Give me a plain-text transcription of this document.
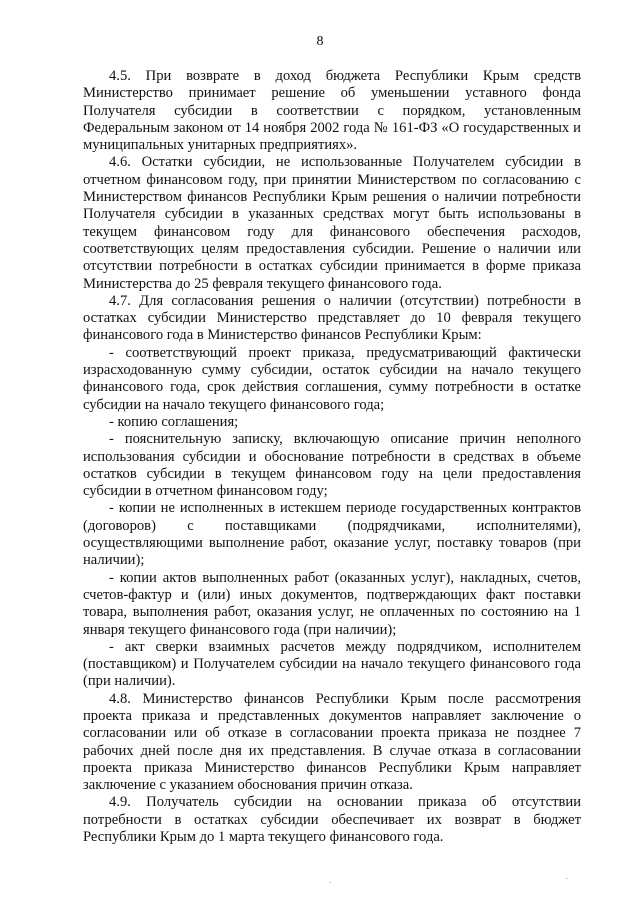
8

4.5. При возврате в доход бюджета Республики Крым средств Министерство принимает решение об уменьшении уставного фонда Получателя субсидии в соответствии с порядком, установленным Федеральным законом от 14 ноября 2002 года № 161-ФЗ «О государственных и муниципальных унитарных предприятиях».

4.6. Остатки субсидии, не использованные Получателем субсидии в отчетном финансовом году, при принятии Министерством по согласованию с Министерством финансов Республики Крым решения о наличии потребности Получателя субсидии в указанных средствах могут быть использованы в текущем финансовом году для финансового обеспечения расходов, соответствующих целям предоставления субсидии. Решение о наличии или отсутствии потребности в остатках субсидии принимается в форме приказа Министерства до 25 февраля текущего финансового года.

4.7. Для согласования решения о наличии (отсутствии) потребности в остатках субсидии Министерство представляет до 10 февраля текущего финансового года в Министерство финансов Республики Крым:

- соответствующий проект приказа, предусматривающий фактически израсходованную сумму субсидии, остаток субсидии на начало текущего финансового года, срок действия соглашения, сумму потребности в остатке субсидии на начало текущего финансового года;

- копию соглашения;

- пояснительную записку, включающую описание причин неполного использования субсидии и обоснование потребности в средствах в объеме остатков субсидии в текущем финансовом году на цели предоставления субсидии в отчетном финансовом году;

- копии не исполненных в истекшем периоде государственных контрактов (договоров) с поставщиками (подрядчиками, исполнителями), осуществляющими выполнение работ, оказание услуг, поставку товаров (при наличии);

- копии актов выполненных работ (оказанных услуг), накладных, счетов, счетов-фактур и (или) иных документов, подтверждающих факт поставки товара, выполнения работ, оказания услуг, не оплаченных по состоянию на 1 января текущего финансового года (при наличии);

- акт сверки взаимных расчетов между подрядчиком, исполнителем (поставщиком) и Получателем субсидии на начало текущего финансового года (при наличии).

4.8. Министерство финансов Республики Крым после рассмотрения проекта приказа и представленных документов направляет заключение о согласовании или об отказе в согласовании проекта приказа не позднее 7 рабочих дней после дня их представления. В случае отказа в согласовании проекта приказа Министерство финансов Республики Крым направляет заключение с указанием обоснования причин отказа.

4.9. Получатель субсидии на основании приказа об отсутствии потребности в остатках субсидии обеспечивает их возврат в бюджет Республики Крым до 1 марта текущего финансового года.

.	.
